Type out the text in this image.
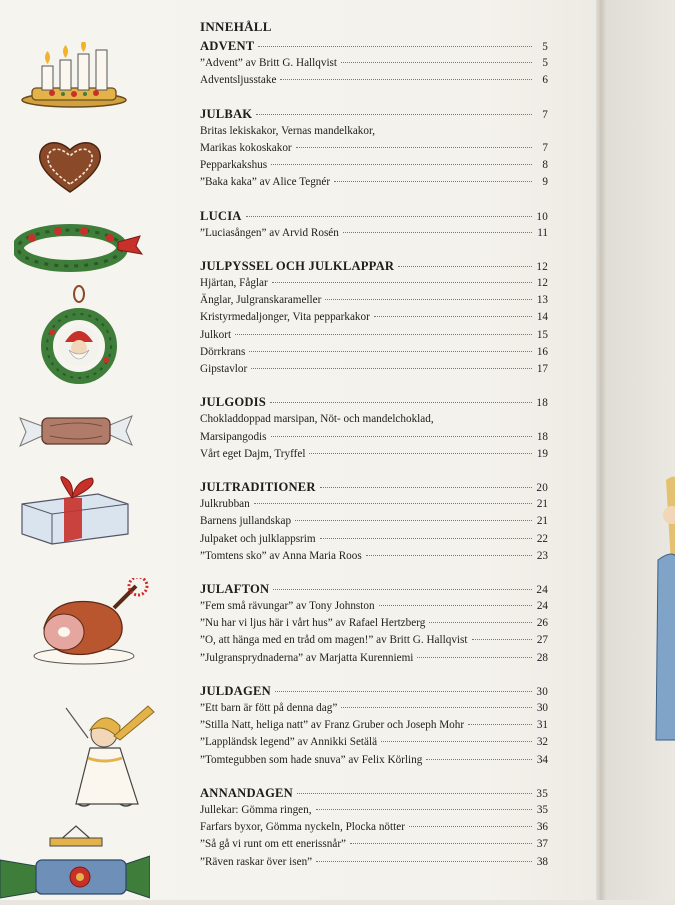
INNEHÅLL
ADVENT	5
”Advent” av Britt G. Hallqvist	5
Adventsljusstake	6
JULBAK	7
Britas lekiskakor, Vernas mandelkakor,
Marikas kokoskakor	7
Pepparkakshus	8
”Baka kaka” av Alice Tegnér	9
LUCIA	10
”Luciasången” av Arvid Rosén	11
JULPYSSEL OCH JULKLAPPAR	12
Hjärtan, Fåglar	12
Änglar, Julgranskarameller	13
Kristyrmedaljonger, Vita pepparkakor	14
Julkort	15
Dörrkrans	16
Gipstavlor	17
JULGODIS	18
Chokladdoppad marsipan, Nöt- och mandelchoklad,
Marsipangodis	18
Vårt eget Dajm, Tryffel	19
JULTRADITIONER	20
Julkrubban	21
Barnens jullandskap	21
Julpaket och julklappsrim	22
”Tomtens sko” av Anna Maria Roos	23
JULAFTON	24
”Fem små rävungar” av Tony Johnston	24
”Nu har vi ljus här i vårt hus” av Rafael Hertzberg	26
”O, att hänga med en tråd om magen!” av Britt G. Hallqvist	27
”Julgransprydnaderna” av Marjatta Kurenniemi	28
JULDAGEN	30
”Ett barn är fött på denna dag”	30
”Stilla Natt, heliga natt” av Franz Gruber och Joseph Mohr	31
”Lappländsk legend” av Annikki Setälä	32
”Tomtegubben som hade snuva” av Felix Körling	34
ANNANDAGEN	35
Jullekar: Gömma ringen,	35
Farfars byxor, Gömma nyckeln, Plocka nötter	36
”Så gå vi runt om ett enerissnår”	37
”Räven raskar över isen”	38
